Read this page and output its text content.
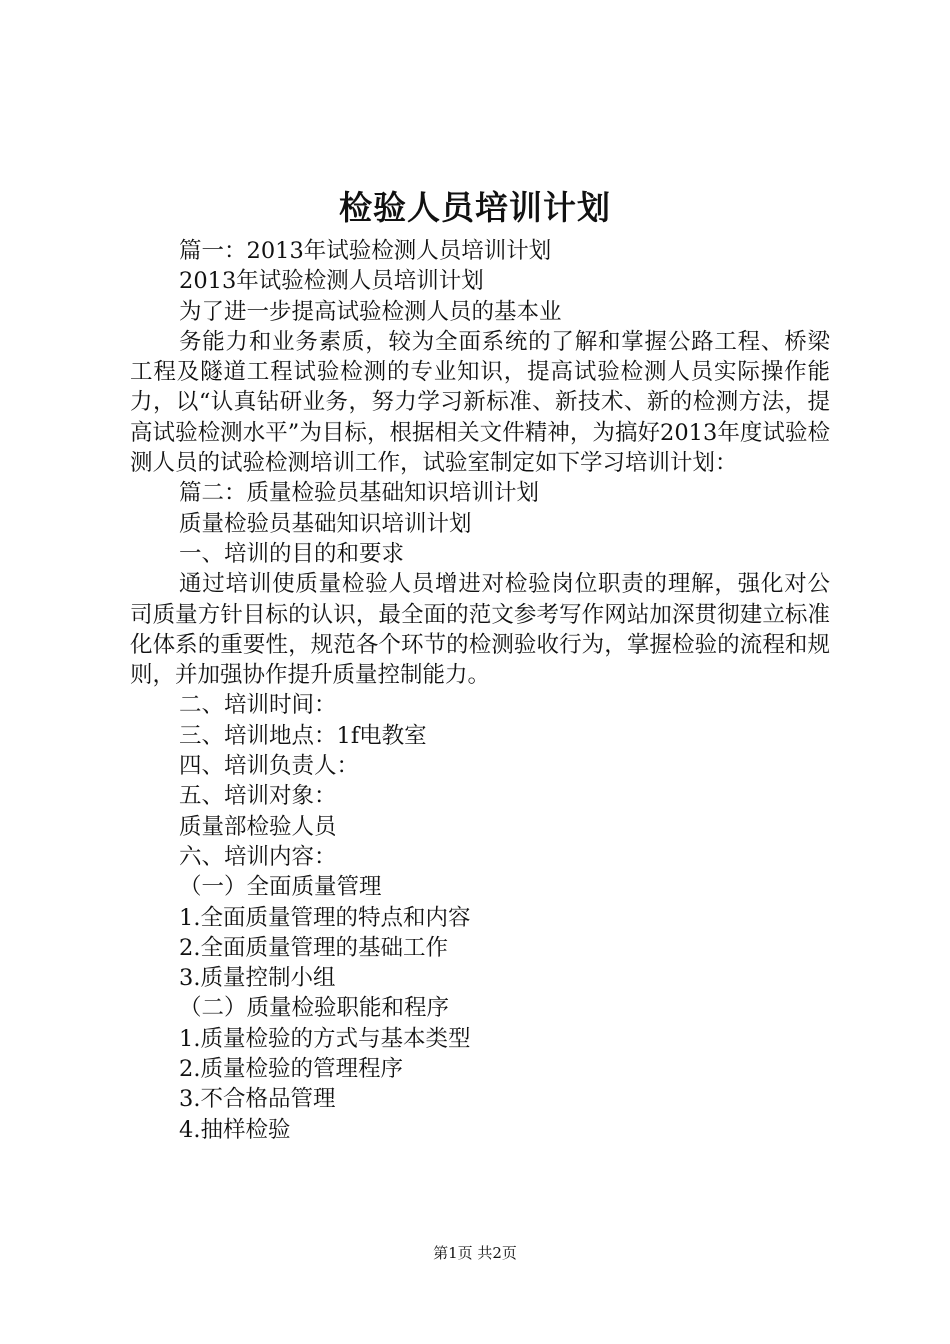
检验人员培训计划
篇一：2013年试验检测人员培训计划
2013年试验检测人员培训计划
为了进一步提高试验检测人员的基本业
务能力和业务素质，较为全面系统的了解和掌握公路工程、桥梁工程及隧道工程试验检测的专业知识，提高试验检测人员实际操作能力，以“认真钻研业务，努力学习新标准、新技术、新的检测方法，提高试验检测水平”为目标，根据相关文件精神，为搞好2013年度试验检测人员的试验检测培训工作，试验室制定如下学习培训计划：
篇二：质量检验员基础知识培训计划
质量检验员基础知识培训计划
一、培训的目的和要求
通过培训使质量检验人员增进对检验岗位职责的理解，强化对公司质量方针目标的认识，最全面的范文参考写作网站加深贯彻建立标准化体系的重要性，规范各个环节的检测验收行为，掌握检验的流程和规则，并加强协作提升质量控制能力。
二、培训时间：
三、培训地点：1f电教室
四、培训负责人：
五、培训对象：
质量部检验人员
六、培训内容：
（一）全面质量管理
1.全面质量管理的特点和内容
2.全面质量管理的基础工作
3.质量控制小组
（二）质量检验职能和程序
1.质量检验的方式与基本类型
2.质量检验的管理程序
3.不合格品管理
4.抽样检验
第1页 共2页
